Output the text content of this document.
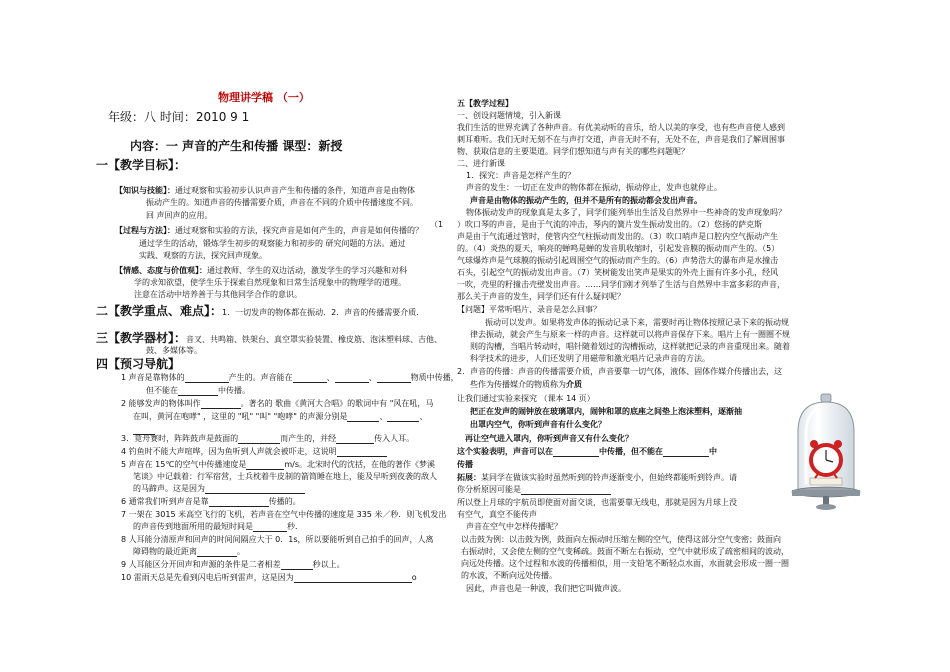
物理讲学稿 （一）
年级：八 时间：2010 9 1
内容：一 声音的产生和传播 课型：新授
一【教学目标】：
【知识与技能】：通过观察和实验初步认识声音产生和传播的条件，知道声音是由物体
振动产生的。知道声音的传播需要介质，声音在不同的介质中传播速度不同。
回 声回声的应用。
【过程与方法】：通过观察和实验的方法，探究声音是如何产生的，声音是如何传播的？
通过学生的活动，锻炼学生初步的观察能力和初步的 研究问题的方法。通过
实践、观察的方法，探究回声现象。
【情感、态度与价值观】：通过教师、学生的双边活动，激发学生的学习兴趣和对科
学的求知欲望，使学生乐于探索自然现象和日常生活现象中的物理学的道理。
注意在活动中培养善于与其他同学合作的意识。
二【教学重点、难点】：1．一切发声的物体都在振动．2．声音的传播需要介质．
三【教学器材】：音叉、共鸣箱、铁架台、真空罩实验装置、橡皮筋、泡沫塑料球、吉他、
鼓、多媒体等。
四【预习导航】
1 声音是靠物体的	产生的。声音能在	、	、	物质中传播，
但不能在	中传播。
2 能够发声的物体叫作	。著名的 歌曲《黄河大合唱》的歌词中有 "风在吼，马
在叫，黄河在咆哮" ，这里的 "吼" "叫" "咆哮" 的声源分别是	、	、
3．竟舟赛时，阵阵鼓声是鼓面的	而产生的，并经	传入人耳。
4 钓鱼时不能大声喧哗，因为鱼听到人声就会被吓走，这说明
5 声音在 15℃的空气中传播速度是	m/s。北宋时代的沈括，在他的著作《梦溪
笔谈》中记载着：行军宿营，士兵枕着牛皮制的箭筒睡在地上，能及早听到夜袭的敌人
的马蹄声。这是因为
6 通常我们听到声音是靠	传播的。
7 一架在 3015 米高空飞行的飞机，若声音在空气中传播的速度是 335 米／秒．则飞机发出
的声音传到地面所用的最短时间是	秒．
8 人耳能分清原声和回声的时间间隔应大于 0．1s，所以要能听到自己拍手的回声，人离
障碍物的最近距离	。
9 人耳能区分开回声和声源的条件是二者相差	秒以上。
10 雷雨天总是先看到闪电后听到雷声，这是因为	o
五【教学过程】
一、创设问题情境，引入新课
我们生活的世界充满了各种声音。有优美动听的音乐，给人以美的享受，也有些声音使人感到
刺耳难听。我们无时无刻不在与声打交道，声音无时不有，无处不在，声音是我们了解周围事
物、获取信息的主要渠道。同学们想知道与声有关的哪些问题呢？
二、进行新课
1．探究：声音是怎样产生的？
声音的发生：一切正在发声的物体都在振动，振动停止，发声也就停止。
声音是由物体的振动产生的，但并不是所有的振动都会发出声音。
物体振动发声的现象真是太多了，同学们能列举出生活及自然界中一些神奇的发声现象吗？
（1 ）吹口琴的声音，是由于气流的冲击，琴内的簧片发生振动发出的。（2）悠扬的萨克斯
声是由于气流通过管时，使管内空气柱振动而发出的。（3）吹口哨声是口腔内空气振动产生
的。（4）炎热的夏天，响亮的蝉鸣是蝉的发音肌收缩时，引起发音膜的振动而产生的。（5）
气球爆炸声是气球膜的振动引起周围空气的振动而产生的。（6）声势浩大的瀑布声是水撞击
石头，引起空气的振动发出声音。（7）笑树能发出笑声是果实的外壳上面有许多小孔，经风
一吹，壳里的籽撞击壳壁发出声音。……同学们刚才列举了生活与自然界中丰富多彩的声音，
那么关于声音的发生，同学们还有什么疑问呢？
【问题】平常听唱片、录音是怎么回事？
振动可以发声。如果将发声体的振动记录下来，需要时再让物体按照记录下来的振动规
律去振动，就会产生与原来一样的声音。这样就可以将声音保存下来。唱片上有一圈圈不规
则的沟槽，当唱片转动时，唱针随着划过的沟槽振动，这样就把记录的声音重现出来。随着
科学技术的进步，人们还发明了用磁带和激光唱片记录声音的方法。
2．声音的传播：声音的传播需要介质，声音要靠一切气体，液体、固体作媒介传播出去，这
些作为传播媒介的物质称为介质
让我们通过实验来探究 （课本 14 页）
把正在发声的闹钟放在玻璃罩内，闹钟和罩的底座之间垫上泡沫塑料，逐渐抽
出罩内空气，你听到声音有什么变化？
再让空气进入罩内，你听到声音又有什么变化？
这个实验表明，声音可以在	中传播，但不能在	中
传播
拓展：某同学在做该实验时虽然听到的铃声逐渐变小，但始终都能听到铃声。请
你分析原因可能是
所以登上月球的宇航员即使面对面交谈，也需要靠无线电，那就是因为月球上没
有空气，真空不能传声
声音在空气中怎样传播呢？
以击鼓为例：以击鼓为例，鼓面向左振动时压缩左侧的空气，使得这部分空气变密；鼓面向
右振动时，又会使左侧的空气变稀疏。鼓面不断左右振动，空气中就形成了疏密相间的波动，
向远处传播。这个过程和水波的传播相似，用一支铅笔不断轻点水面，水面就会形成一圈一圈
的水波，不断向远处传播。
因此，声音也是一种波，我们把它叫做声波。
